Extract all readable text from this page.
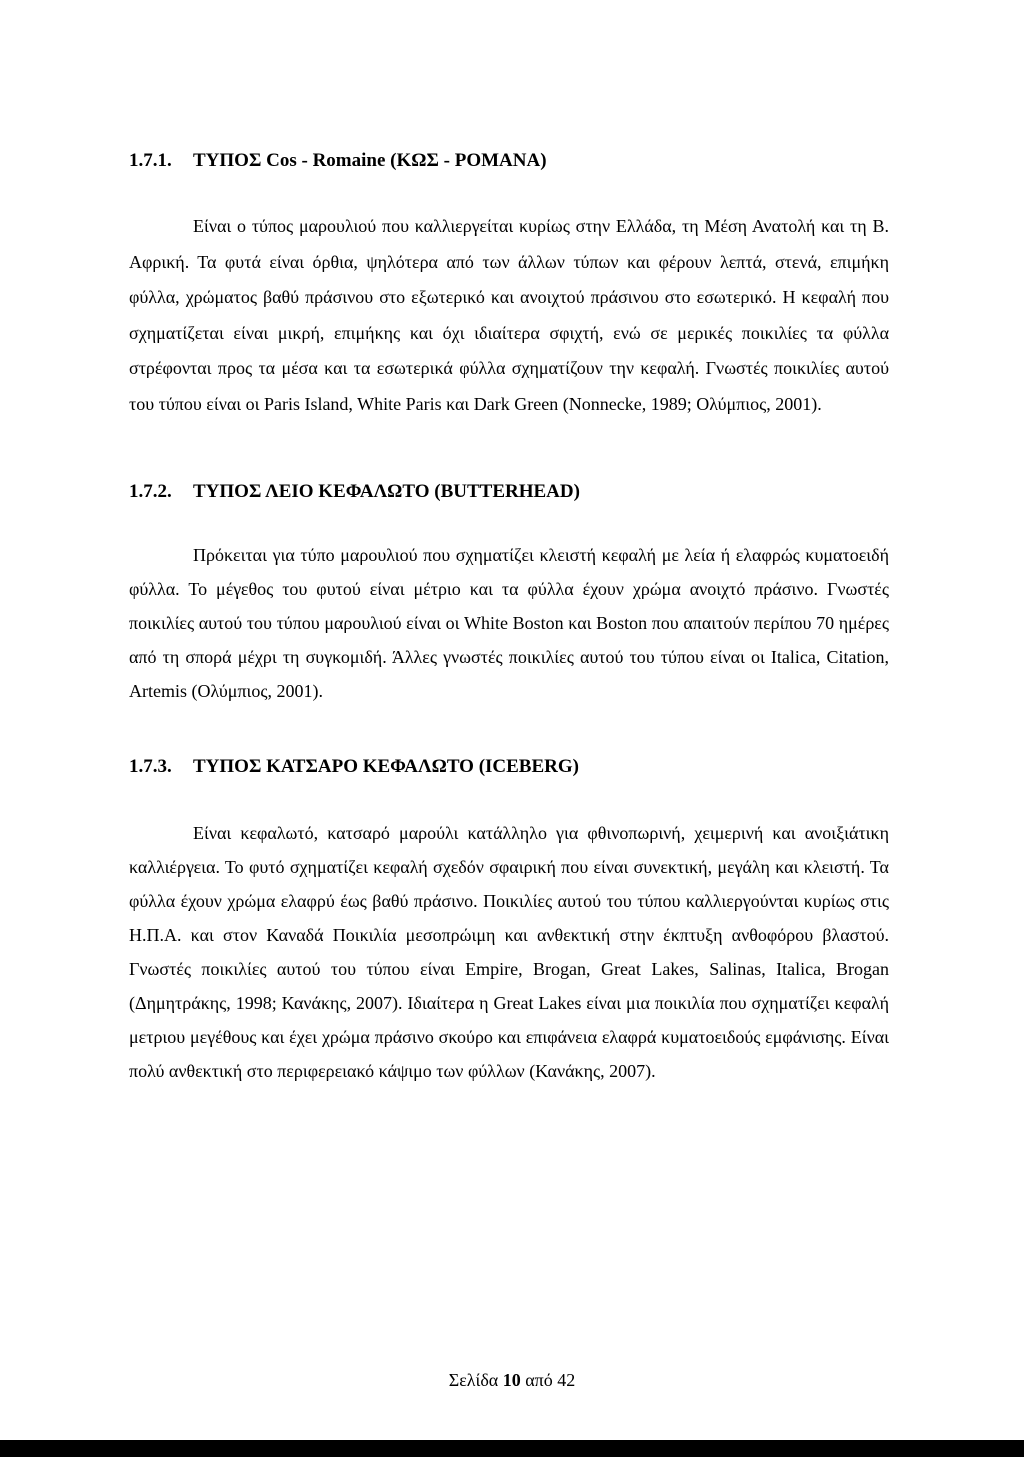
1.7.1. ΤΥΠΟΣ Cos - Romaine (ΚΩΣ - ΡΟΜΑΝΑ)

Είναι ο τύπος μαρουλιού που καλλιεργείται κυρίως στην Ελλάδα, τη Μέση Ανατολή και τη Β. Αφρική. Τα φυτά είναι όρθια, ψηλότερα από των άλλων τύπων και φέρουν λεπτά, στενά, επιμήκη φύλλα, χρώματος βαθύ πράσινου στο εξωτερικό και ανοιχτού πράσινου στο εσωτερικό. Η κεφαλή που σχηματίζεται είναι μικρή, επιμήκης και όχι ιδιαίτερα σφιχτή, ενώ σε μερικές ποικιλίες τα φύλλα στρέφονται προς τα μέσα και τα εσωτερικά φύλλα σχηματίζουν την κεφαλή. Γνωστές ποικιλίες αυτού του τύπου είναι οι Paris Island, White Paris και Dark Green (Nonnecke, 1989; Ολύμπιος, 2001).

1.7.2. ΤΥΠΟΣ ΛΕΙΟ ΚΕΦΑΛΩΤΟ (BUTTERHEAD)

Πρόκειται για τύπο μαρουλιού που σχηματίζει κλειστή κεφαλή με λεία ή ελαφρώς κυματοειδή φύλλα. Το μέγεθος του φυτού είναι μέτριο και τα φύλλα έχουν χρώμα ανοιχτό πράσινο. Γνωστές ποικιλίες αυτού του τύπου μαρουλιού είναι οι White Boston και Boston που απαιτούν περίπου 70 ημέρες από τη σπορά μέχρι τη συγκομιδή. Άλλες γνωστές ποικιλίες αυτού του τύπου είναι οι Italica, Citation, Artemis (Ολύμπιος, 2001).

1.7.3. ΤΥΠΟΣ ΚΑΤΣΑΡΟ ΚΕΦΑΛΩΤΟ (ICEBERG)

Είναι κεφαλωτό, κατσαρό μαρούλι κατάλληλο για φθινοπωρινή, χειμερινή και ανοιξιάτικη καλλιέργεια. Το φυτό σχηματίζει κεφαλή σχεδόν σφαιρική που είναι συνεκτική, μεγάλη και κλειστή. Τα φύλλα έχουν χρώμα ελαφρύ έως βαθύ πράσινο. Ποικιλίες αυτού του τύπου καλλιεργούνται κυρίως στις Η.Π.Α. και στον Καναδά Ποικιλία μεσοπρώιμη και ανθεκτική στην έκπτυξη ανθοφόρου βλαστού. Γνωστές ποικιλίες αυτού του τύπου είναι Empire, Brogan, Great Lakes, Salinas, Italica, Brogan (Δημητράκης, 1998; Κανάκης, 2007). Ιδιαίτερα η Great Lakes είναι μια ποικιλία που σχηματίζει κεφαλή μετριου μεγέθους και έχει χρώμα πράσινο σκούρο και επιφάνεια ελαφρά κυματοειδούς εμφάνισης. Είναι πολύ ανθεκτική στο περιφερειακό κάψιμο των φύλλων (Κανάκης, 2007).

Σελίδα 10 από 42
